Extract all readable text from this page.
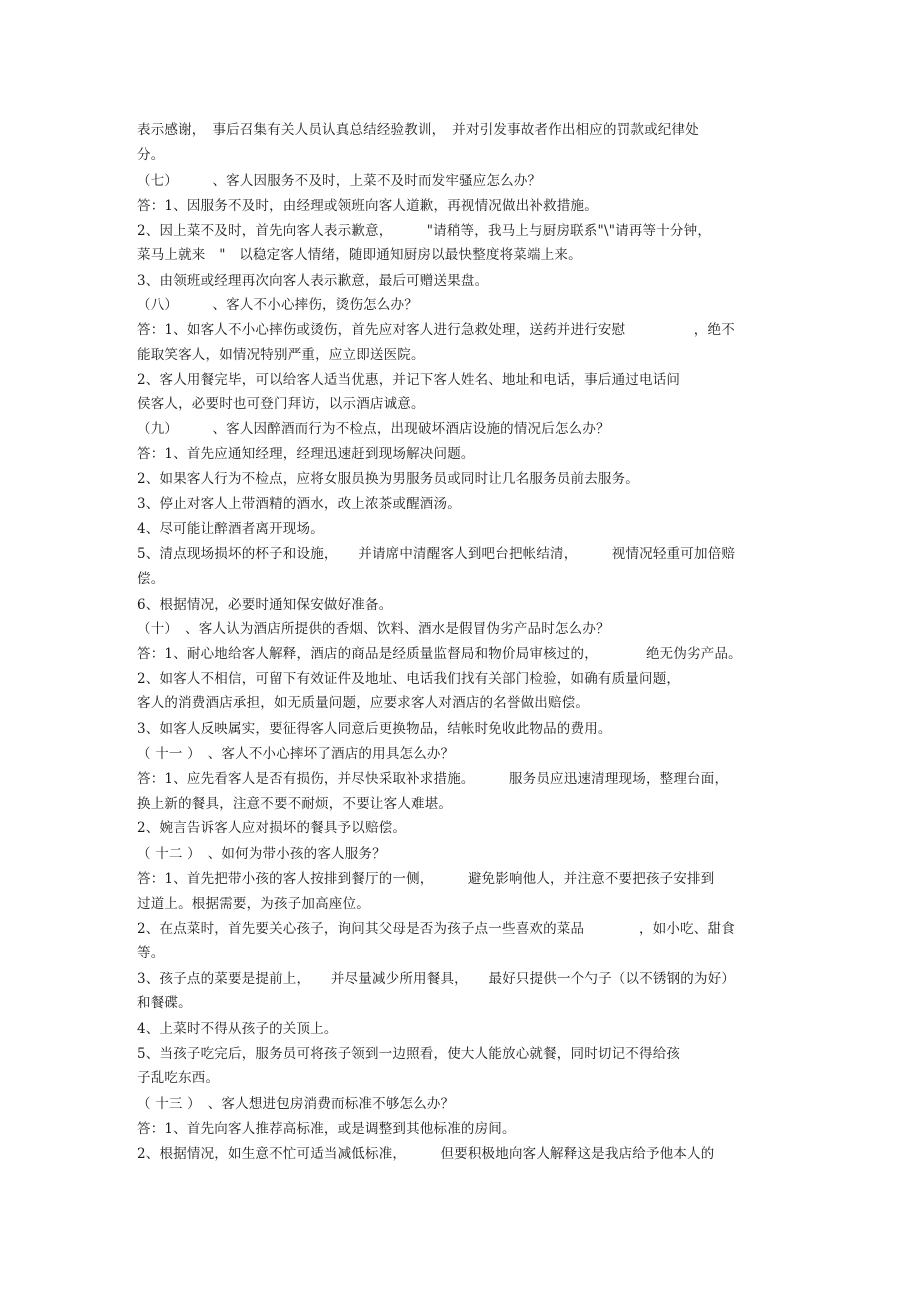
表示感谢，　事后召集有关人员认真总结经验教训，　并对引发事故者作出相应的罚款或纪律处
分。
（七）　　　、客人因服务不及时，上菜不及时而发牢骚应怎么办？
答：1、因服务不及时，由经理或领班向客人道歉，再视情况做出补救措施。
2、因上菜不及时，首先向客人表示歉意，　　　"请稍等，我马上与厨房联系"\"请再等十分钟，
菜马上就来　"　以稳定客人情绪，随即通知厨房以最快整度将菜端上来。
3、由领班或经理再次向客人表示歉意，最后可赠送果盘。
（八）　　　、客人不小心摔伤，烫伤怎么办？
答：1、如客人不小心摔伤或烫伤，首先应对客人进行急救处理，送药并进行安慰　　　　　，绝不
能取笑客人，如情况特别严重，应立即送医院。
2、客人用餐完毕，可以给客人适当优惠，并记下客人姓名、地址和电话，事后通过电话问
侯客人，必要时也可登门拜访，以示酒店诚意。
（九）　　　、客人因醉酒而行为不检点，出现破坏酒店设施的情况后怎么办？
答：1、首先应通知经理，经理迅速赶到现场解决问题。
2、如果客人行为不检点，应将女服员换为男服务员或同时让几名服务员前去服务。
3、停止对客人上带酒精的酒水，改上浓茶或醒酒汤。
4、尽可能让醉酒者离开现场。
5、清点现场损坏的杯子和设施，　　并请席中清醒客人到吧台把帐结清，　　　视情况轻重可加倍赔
偿。
6、根据情况，必要时通知保安做好准备。
（十）　、客人认为酒店所提供的香烟、饮料、酒水是假冒伪劣产品时怎么办？
答：1、耐心地给客人解释，酒店的商品是经质量监督局和物价局审核过的，　　　　绝无伪劣产品。
2、如客人不相信，可留下有效证件及地址、电话我们找有关部门检验，如确有质量问题，
客人的消费酒店承担，如无质量问题，应要求客人对酒店的名誉做出赔偿。
3、如客人反映属实，要征得客人同意后更换物品，结帐时免收此物品的费用。
（ 十一 ）　、客人不小心摔坏了酒店的用具怎么办？
答：1、应先看客人是否有损伤，并尽快采取补求措施。　　　服务员应迅速清理现场，整理台面，
换上新的餐具，注意不要不耐烦，不要让客人难堪。
2、婉言告诉客人应对损坏的餐具予以赔偿。
（ 十二 ）　、如何为带小孩的客人服务？
答：1、首先把带小孩的客人按排到餐厅的一侧，　　　避免影响他人，并注意不要把孩子安排到
过道上。根据需要，为孩子加高座位。
2、在点菜时，首先要关心孩子，询问其父母是否为孩子点一些喜欢的菜品　　　　，如小吃、甜食
等。
3、孩子点的菜要是提前上，　　并尽量减少所用餐具，　　最好只提供一个勺子（以不锈钢的为好）
和餐碟。
4、上菜时不得从孩子的关顶上。
5、当孩子吃完后，服务员可将孩子领到一边照看，使大人能放心就餐，同时切记不得给孩
子乱吃东西。
（ 十三 ）　、客人想进包房消费而标准不够怎么办？
答：1、首先向客人推荐高标准，或是调整到其他标准的房间。
2、根据情况，如生意不忙可适当减低标准，　　　但要积极地向客人解释这是我店给予他本人的
